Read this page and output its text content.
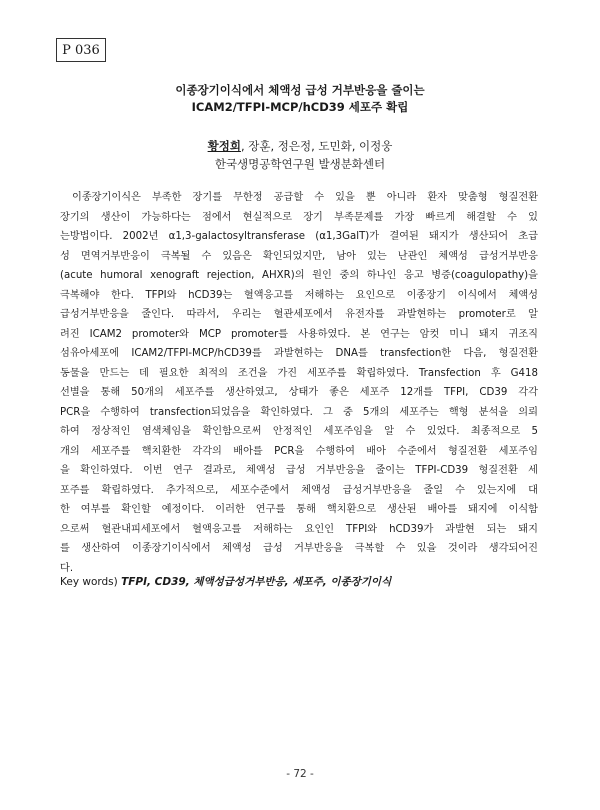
P 036
이종장기이식에서 체액성 급성 거부반응을 줄이는
ICAM2/TFPI-MCP/hCD39 세포주 확립
황정희, 장훈, 정은정, 도민화, 이정웅
한국생명공학연구원 발생분화센터
이종장기이식은 부족한 장기를 무한정 공급할 수 있을 뿐 아니라 환자 맞춤형 형질전환
장기의 생산이 가능하다는 점에서 현실적으로 장기 부족문제를 가장 빠르게 해결할 수 있
는방법이다. 2002년 α1,3-galactosyltransferase (α1,3GalT)가 결여된 돼지가 생산되어 초급
성 면역거부반응이 극복될 수 있음은 확인되었지만, 남아 있는 난관인 체액성 급성거부반응
(acute humoral xenograft rejection, AHXR)의 원인 중의 하나인 응고 병증(coagulopathy)을
극복해야 한다. TFPI와 hCD39는 혈액응고를 저해하는 요인으로 이종장기 이식에서 체액성
급성거부반응을 줄인다. 따라서, 우리는 혈관세포에서 유전자를 과발현하는 promoter로 알
려진 ICAM2 promoter와 MCP promoter를 사용하였다. 본 연구는 암컷 미니 돼지 귀조직
섬유아세포에 ICAM2/TFPI-MCP/hCD39를 과발현하는 DNA를 transfection한 다음, 형질전환
동물을 만드는 데 필요한 최적의 조건을 가진 세포주를 확립하였다. Transfection 후 G418
선별을 통해 50개의 세포주를 생산하였고, 상태가 좋은 세포주 12개를 TFPI, CD39 각각
PCR을 수행하여 transfection되었음을 확인하였다. 그 중 5개의 세포주는 핵형 분석을 의뢰
하여 정상적인 염색체임을 확인함으로써 안정적인 세포주임을 알 수 있었다. 최종적으로 5
개의 세포주를 핵치환한 각각의 배아를 PCR을 수행하여 배아 수준에서 형질전환 세포주임
을 확인하였다. 이번 연구 결과로, 체액성 급성 거부반응을 줄이는 TFPI-CD39 형질전환 세
포주를 확립하였다. 추가적으로, 세포수준에서 체액성 급성거부반응을 줄일 수 있는지에 대
한 여부를 확인할 예정이다. 이러한 연구를 통해 핵치환으로 생산된 배아를 돼지에 이식함
으로써 혈관내피세포에서 혈액응고를 저해하는 요인인 TFPI와 hCD39가 과발현 되는 돼지
를 생산하여 이종장기이식에서 체액성 급성 거부반응을 극복할 수 있을 것이라 생각되어진
다.
Key words) TFPI, CD39, 체액성급성거부반응, 세포주, 이종장기이식
- 72 -
